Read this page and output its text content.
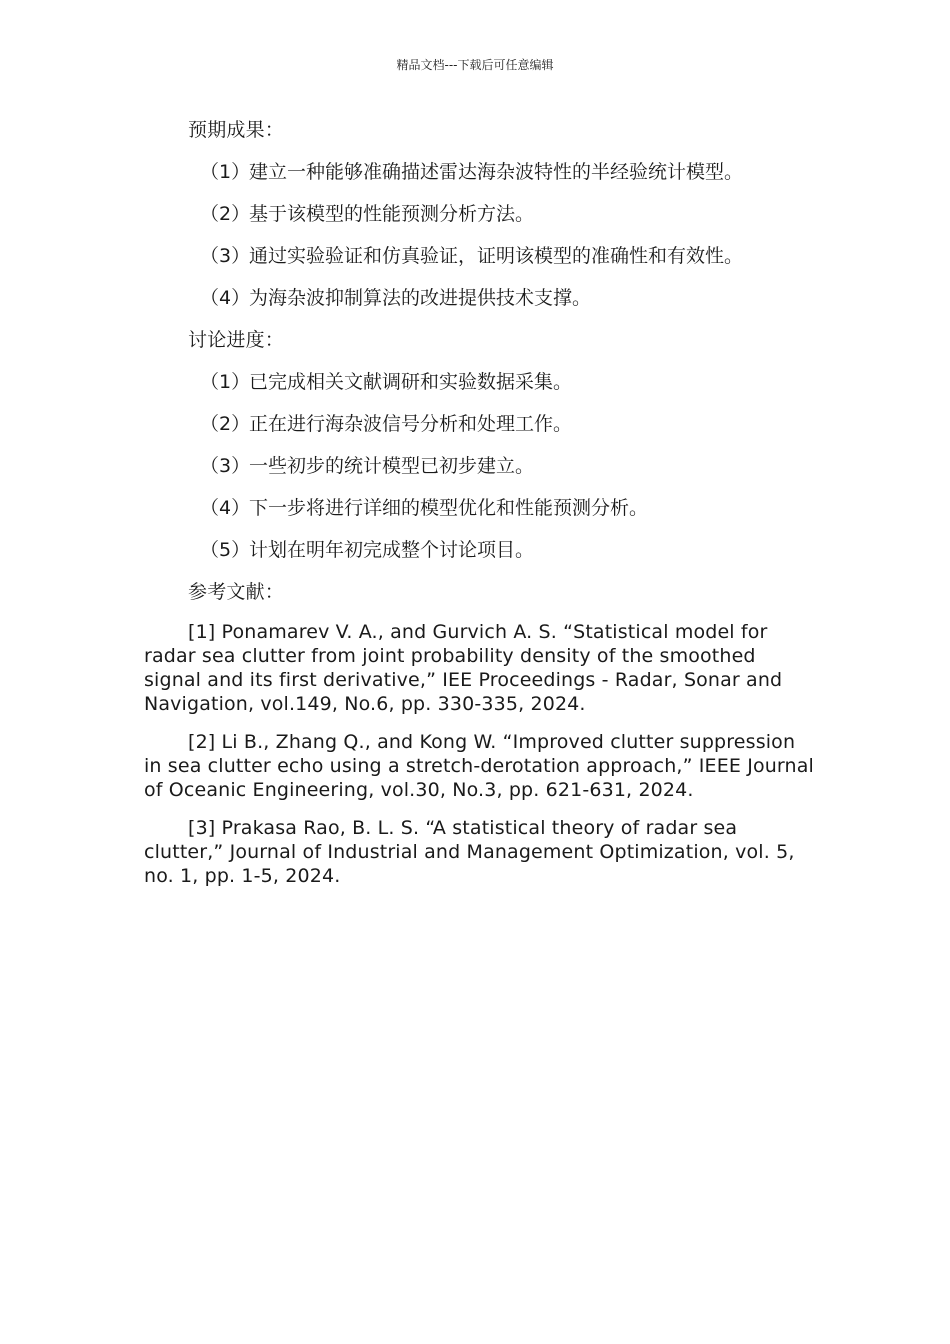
精品文档---下载后可任意编辑
预期成果：
（1）
建立一种能够准确描述雷达海杂波特性的半经验统计模型。
（2）
基于该模型的性能预测分析方法。
（3）
通过实验验证和仿真验证，证明该模型的准确性和有效性。
（4）
为海杂波抑制算法的改进提供技术支撑。
讨论进度：
（1）
已完成相关文献调研和实验数据采集。
（2）
正在进行海杂波信号分析和处理工作。
（3）
一些初步的统计模型已初步建立。
（4）
下一步将进行详细的模型优化和性能预测分析。
（5）
计划在明年初完成整个讨论项目。
参考文献：
[1] Ponamarev V. A., and Gurvich A. S. “Statistical model for radar sea clutter from joint probability density of the smoothed signal and its first derivative,” IEE Proceedings - Radar, Sonar and Navigation, vol.149, No.6, pp. 330-335, 2024.
[2] Li B., Zhang Q., and Kong W. “Improved clutter suppression in sea clutter echo using a stretch-derotation approach,” IEEE Journal of Oceanic Engineering, vol.30, No.3, pp. 621-631, 2024.
[3] Prakasa Rao, B. L. S. “A statistical theory of radar sea clutter,” Journal of Industrial and Management Optimization, vol. 5, no. 1, pp. 1-5, 2024.
